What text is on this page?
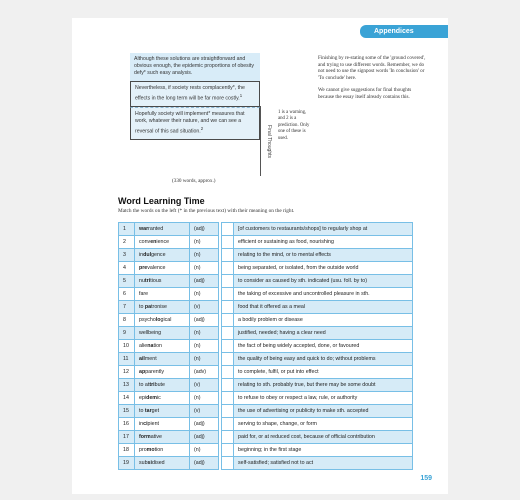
Appendices
Although these solutions are straightforward and obvious enough, the epidemic proportions of obesity defy* such easy analysis.
Nevertheless, if society rests complacently*, the effects in the long term will be far more costly.$^1$
Hopefully society will implement* measures that work, whatever their nature, and we can see a reversal of this sad situation.$^2$	Final Thoughts
1 is a warning, and 2 is a prediction. Only one of these is used.

Finishing by re-stating some of the 'ground covered', and trying to use different words. Remember, we do not need to use the signpost words 'In conclusion' or 'To conclude' here.

We cannot give suggestions for final thoughts because the essay itself already contains this.

(330 words, approx.)
Word Learning Time
Match the words on the left (* in the previous text) with their meaning on the right.
1	warranted	(adj)			[of customers to restaurants/shops] to regularly shop at
2	convenience	(n)			efficient or sustaining as food, nourishing
3	indulgence	(n)			relating to the mind, or to mental effects
4	prevalence	(n)			being separated, or isolated, from the outside world
5	nutritious	(adj)			to consider as caused by sth. indicated (usu. foll. by to)
6	fare	(n)			the taking of excessive and uncontrolled pleasure in sth.
7	to patronise	(v)			food that it offered as a meal
8	psychological	(adj)			a bodily problem or disease
9	wellbeing	(n)			justified, needed; having a clear need
10	alienation	(n)			the fact of being widely accepted, done, or favoured
11	ailment	(n)			the quality of being easy and quick to do; without problems
12	apparently	(adv)			to complete, fulfil, or put into effect
13	to attribute	(v)			relating to sth. probably true, but there may be some doubt
14	epidemic	(n)			to refuse to obey or respect a law, rule, or authority
15	to target	(v)			the use of advertising or publicity to make sth. accepted
16	incipient	(adj)			serving to shape, change, or form
17	formative	(adj)			paid for, or at reduced cost, because of official contribution
18	promotion	(n)			beginning; in the first stage
19	subsidised	(adj)			self-satisfied; satisfied not to act
159
